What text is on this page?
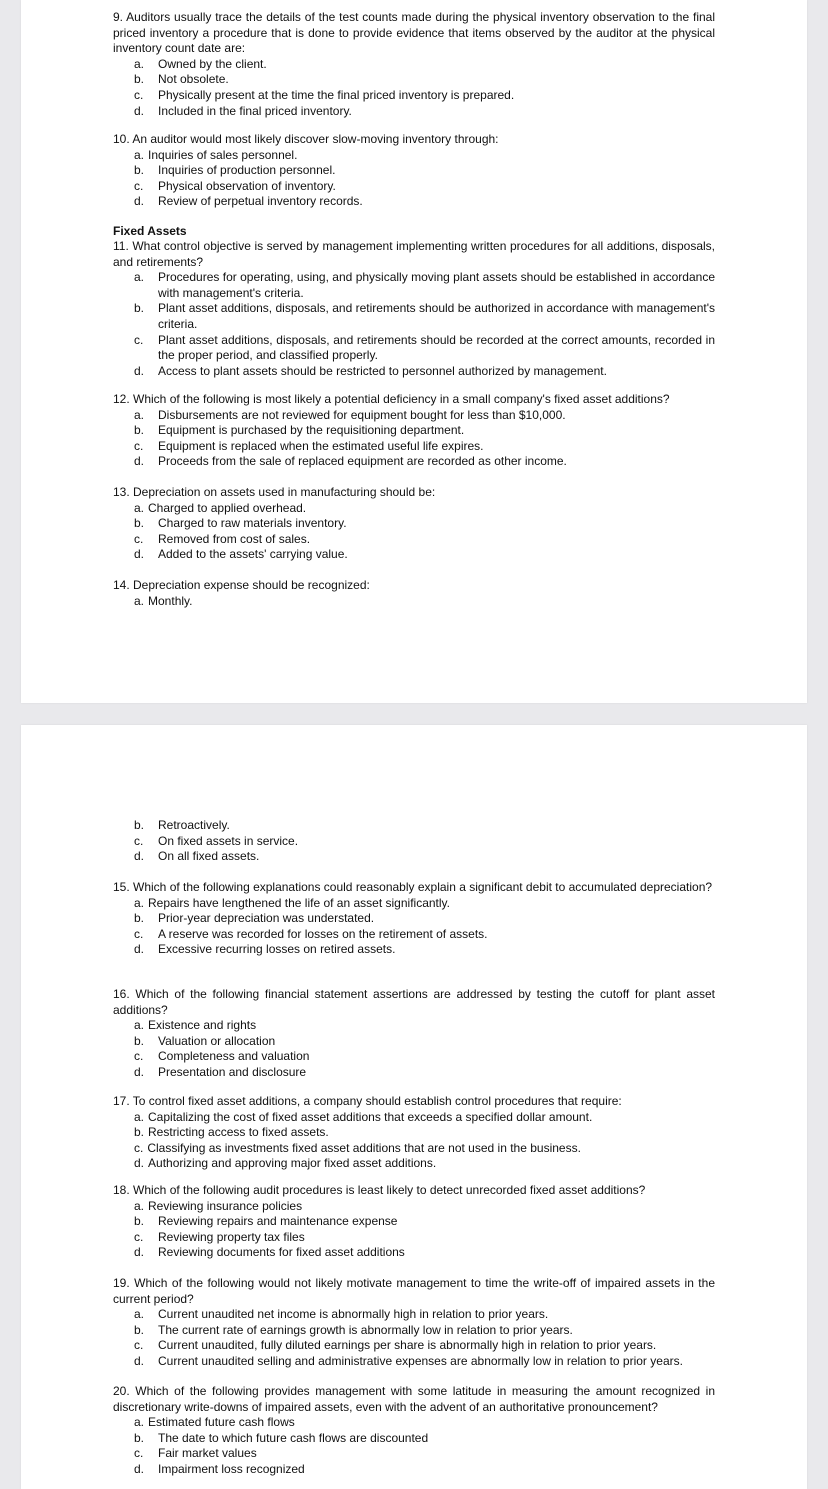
9. Auditors usually trace the details of the test counts made during the physical inventory observation to the final priced inventory a procedure that is done to provide evidence that items observed by the auditor at the physical inventory count date are:

a.	Owned by the client.
b.	Not obsolete.
c.	Physically present at the time the final priced inventory is prepared.
d.	Included in the final priced inventory.

10. An auditor would most likely discover slow-moving inventory through:

a. Inquiries of sales personnel.
b.	Inquiries of production personnel.
c.	Physical observation of inventory.
d.	Review of perpetual inventory records.
Fixed Assets

11. What control objective is served by management implementing written procedures for all additions, disposals, and retirements?

a.	Procedures for operating, using, and physically moving plant assets should be established in accordance with management's criteria.
b.	Plant asset additions, disposals, and retirements should be authorized in accordance with management's criteria.
c.	Plant asset additions, disposals, and retirements should be recorded at the correct amounts, recorded in the proper period, and classified properly.
d.	Access to plant assets should be restricted to personnel authorized by management.

12. Which of the following is most likely a potential deficiency in a small company's fixed asset additions?

a.	Disbursements are not reviewed for equipment bought for less than $10,000.
b.	Equipment is purchased by the requisitioning department.
c.	Equipment is replaced when the estimated useful life expires.
d.	Proceeds from the sale of replaced equipment are recorded as other income.

13. Depreciation on assets used in manufacturing should be:

a. Charged to applied overhead.
b.	Charged to raw materials inventory.
c.	Removed from cost of sales.
d.	Added to the assets' carrying value.

14. Depreciation expense should be recognized:

a. Monthly.
b.	Retroactively.
c.	On fixed assets in service.
d.	On all fixed assets.

15. Which of the following explanations could reasonably explain a significant debit to accumulated depreciation?

a. Repairs have lengthened the life of an asset significantly.
b.	Prior-year depreciation was understated.
c.	A reserve was recorded for losses on the retirement of assets.
d.	Excessive recurring losses on retired assets.

16. Which of the following financial statement assertions are addressed by testing the cutoff for plant asset additions?

a. Existence and rights
b.	Valuation or allocation
c.	Completeness and valuation
d.	Presentation and disclosure

17. To control fixed asset additions, a company should establish control procedures that require:

a. Capitalizing the cost of fixed asset additions that exceeds a specified dollar amount.
b. Restricting access to fixed assets.
c. Classifying as investments fixed asset additions that are not used in the business.
d. Authorizing and approving major fixed asset additions.

18. Which of the following audit procedures is least likely to detect unrecorded fixed asset additions?

a. Reviewing insurance policies
b.	Reviewing repairs and maintenance expense
c.	Reviewing property tax files
d.	Reviewing documents for fixed asset additions

19. Which of the following would not likely motivate management to time the write-off of impaired assets in the current period?

a.	Current unaudited net income is abnormally high in relation to prior years.
b.	The current rate of earnings growth is abnormally low in relation to prior years.
c.	Current unaudited, fully diluted earnings per share is abnormally high in relation to prior years.
d.	Current unaudited selling and administrative expenses are abnormally low in relation to prior years.

20. Which of the following provides management with some latitude in measuring the amount recognized in discretionary write-downs of impaired assets, even with the advent of an authoritative pronouncement?

a. Estimated future cash flows
b.	The date to which future cash flows are discounted
c.	Fair market values
d.	Impairment loss recognized
